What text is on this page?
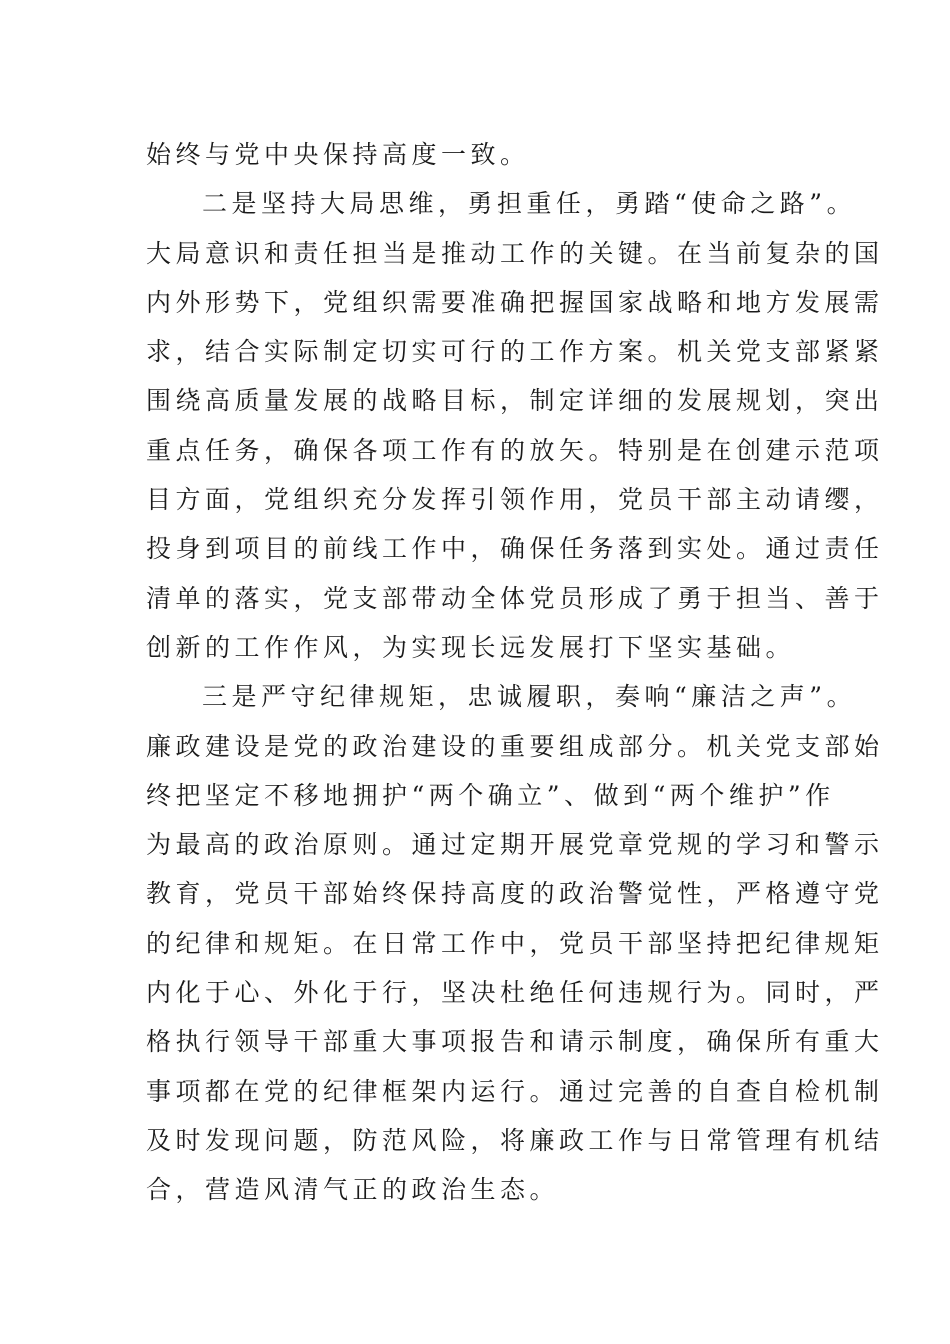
始终与党中央保持高度一致。
二是坚持大局思维，勇担重任，勇踏“使命之路”。
大局意识和责任担当是推动工作的关键。在当前复杂的国
内外形势下，党组织需要准确把握国家战略和地方发展需
求，结合实际制定切实可行的工作方案。机关党支部紧紧
围绕高质量发展的战略目标，制定详细的发展规划，突出
重点任务，确保各项工作有的放矢。特别是在创建示范项
目方面，党组织充分发挥引领作用，党员干部主动请缨，
投身到项目的前线工作中，确保任务落到实处。通过责任
清单的落实，党支部带动全体党员形成了勇于担当、善于
创新的工作作风，为实现长远发展打下坚实基础。
三是严守纪律规矩，忠诚履职，奏响“廉洁之声”。
廉政建设是党的政治建设的重要组成部分。机关党支部始
终把坚定不移地拥护“两个确立”、做到“两个维护”作
为最高的政治原则。通过定期开展党章党规的学习和警示
教育，党员干部始终保持高度的政治警觉性，严格遵守党
的纪律和规矩。在日常工作中，党员干部坚持把纪律规矩
内化于心、外化于行，坚决杜绝任何违规行为。同时，严
格执行领导干部重大事项报告和请示制度，确保所有重大
事项都在党的纪律框架内运行。通过完善的自查自检机制
及时发现问题，防范风险，将廉政工作与日常管理有机结
合，营造风清气正的政治生态。
